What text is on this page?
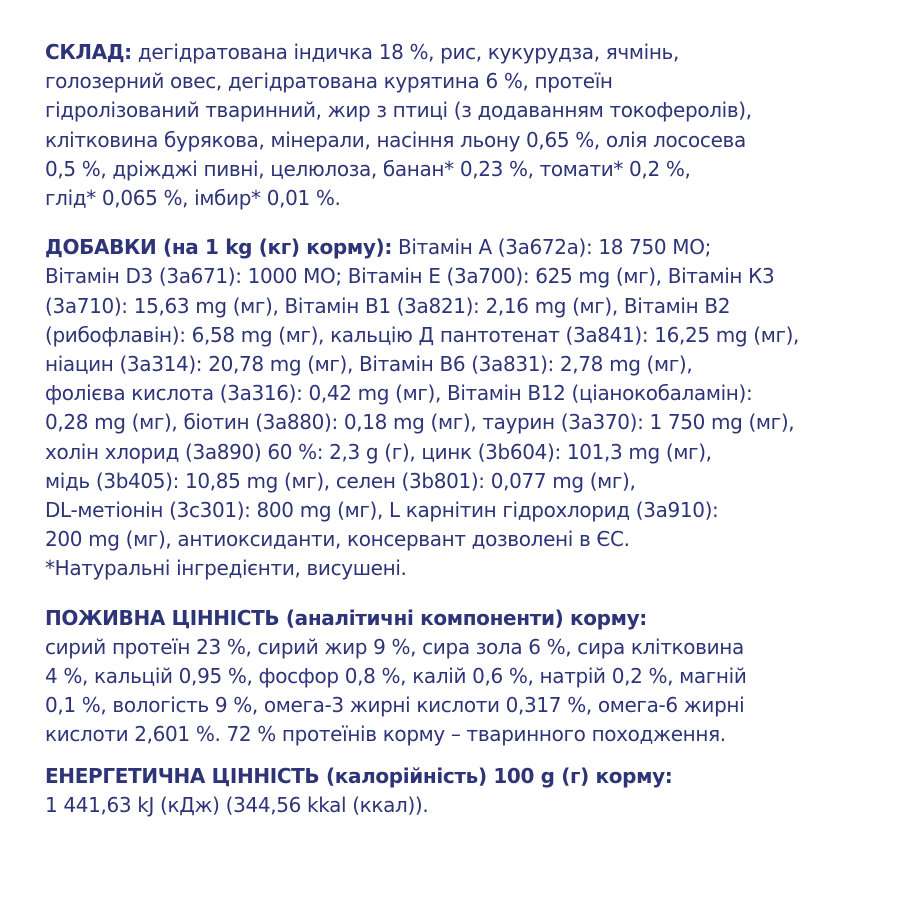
СКЛАД: дегідратована індичка 18 %, рис, кукурудза, ячмінь,
голозерний овес, дегідратована курятина 6 %, протеїн
гідролізований тваринний, жир з птиці (з додаванням токоферолів),
клітковина бурякова, мінерали, насіння льону 0,65 %, олія лососева
0,5 %, дріжджі пивні, целюлоза, банан* 0,23 %, томати* 0,2 %,
глід* 0,065 %, імбир* 0,01 %.
ДОБАВКИ (на 1 kg (кг) корму): Вітамін А (3a672a): 18 750 МО;
Вітамін D3 (3a671): 1000 МО; Вітамін Е (3a700): 625 mg (мг), Вітамін К3
(3a710): 15,63 mg (мг), Вітамін В1 (3a821): 2,16 mg (мг), Вітамін В2
(рибофлавін): 6,58 mg (мг), кальцію Д пантотенат (3a841): 16,25 mg (мг),
ніацин (3a314): 20,78 mg (мг), Вітамін В6 (3a831): 2,78 mg (мг),
фолієва кислота (3a316): 0,42 mg (мг), Вітамін В12 (ціанокобаламін):
0,28 mg (мг), біотин (3a880): 0,18 mg (мг), таурин (3a370): 1 750 mg (мг),
холін хлорид (3a890) 60 %: 2,3 g (г), цинк (3b604): 101,3 mg (мг),
мідь (3b405): 10,85 mg (мг), селен (3b801): 0,077 mg (мг),
DL-метіонін (3c301): 800 mg (мг), L карнітин гідрохлорид (3a910):
200 mg (мг), антиоксиданти, консервант дозволені в ЄС.
*Натуральні інгредієнти, висушені.
ПОЖИВНА ЦІННІСТЬ (аналітичні компоненти) корму:
сирий протеїн 23 %, сирий жир 9 %, сира зола 6 %, сира клітковина
4 %, кальцій 0,95 %, фосфор 0,8 %, калій 0,6 %, натрій 0,2 %, магній
0,1 %, вологість 9 %, омега-3 жирні кислоти 0,317 %, омега-6 жирні
кислоти 2,601 %. 72 % протеїнів корму – тваринного походження.
ЕНЕРГЕТИЧНА ЦІННІСТЬ (калорійність) 100 g (г) корму:
1 441,63 kJ (кДж) (344,56 kkal (ккал)).
